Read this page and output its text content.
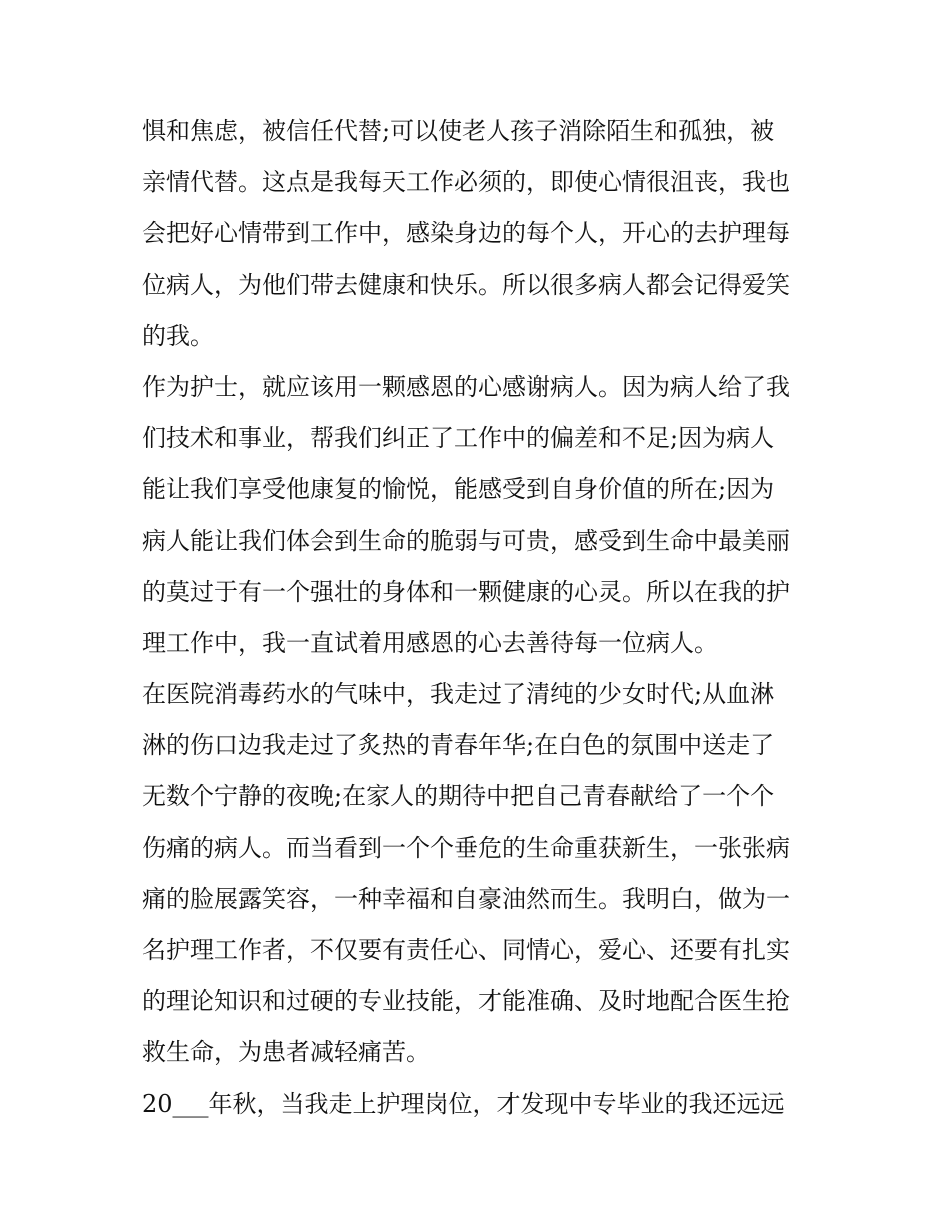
惧和焦虑，被信任代替;可以使老人孩子消除陌生和孤独，被
亲情代替。这点是我每天工作必须的，即使心情很沮丧，我也
会把好心情带到工作中，感染身边的每个人，开心的去护理每
位病人，为他们带去健康和快乐。所以很多病人都会记得爱笑
的我。
作为护士，就应该用一颗感恩的心感谢病人。因为病人给了我
们技术和事业，帮我们纠正了工作中的偏差和不足;因为病人
能让我们享受他康复的愉悦，能感受到自身价值的所在;因为
病人能让我们体会到生命的脆弱与可贵，感受到生命中最美丽
的莫过于有一个强壮的身体和一颗健康的心灵。所以在我的护
理工作中，我一直试着用感恩的心去善待每一位病人。
在医院消毒药水的气味中，我走过了清纯的少女时代;从血淋
淋的伤口边我走过了炙热的青春年华;在白色的氛围中送走了
无数个宁静的夜晚;在家人的期待中把自己青春献给了一个个
伤痛的病人。而当看到一个个垂危的生命重获新生，一张张病
痛的脸展露笑容，一种幸福和自豪油然而生。我明白，做为一
名护理工作者，不仅要有责任心、同情心，爱心、还要有扎实
的理论知识和过硬的专业技能，才能准确、及时地配合医生抢
救生命，为患者减轻痛苦。
20___年秋，当我走上护理岗位，才发现中专毕业的我还远远
